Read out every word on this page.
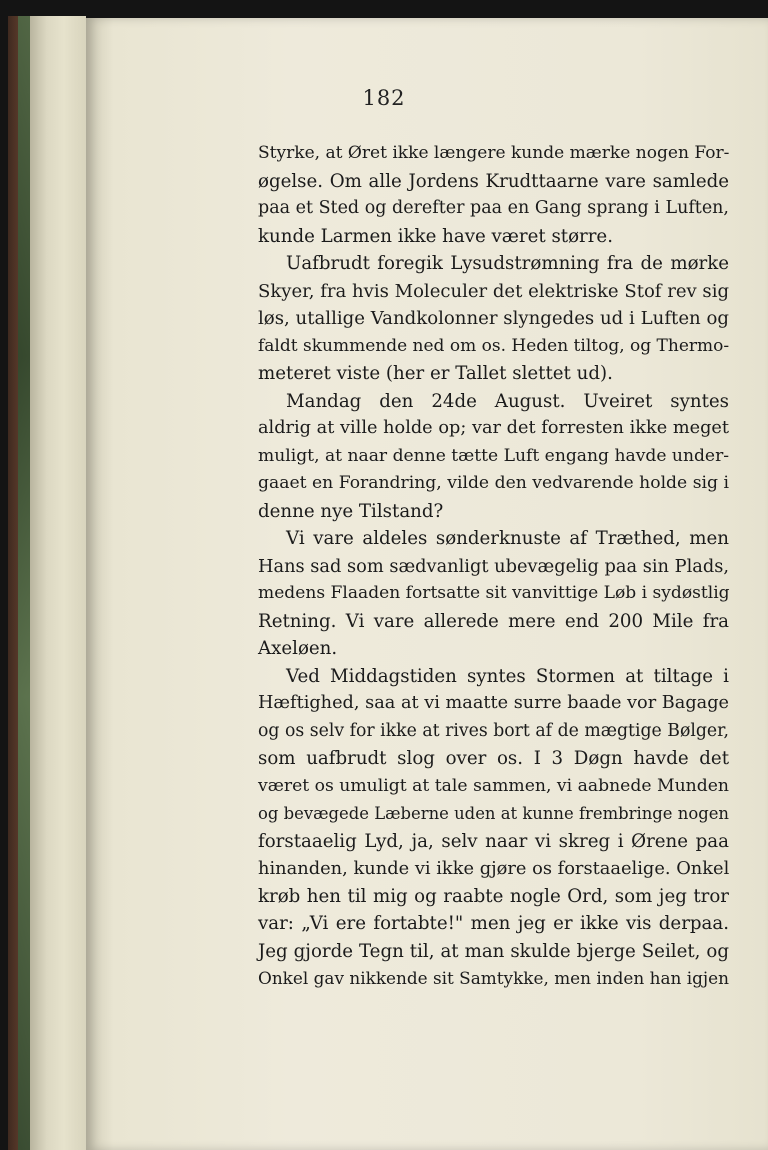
182
Styrke, at Øret ikke længere kunde mærke nogen For-
øgelse. Om alle Jordens Krudttaarne vare samlede
paa et Sted og derefter paa en Gang sprang i Luften,
kunde Larmen ikke have været større.
Uafbrudt foregik Lysudstrømning fra de mørke
Skyer, fra hvis Moleculer det elektriske Stof rev sig
løs, utallige Vandkolonner slyngedes ud i Luften og
faldt skummende ned om os. Heden tiltog, og Thermo-
meteret viste (her er Tallet slettet ud).
Mandag den 24de August. Uveiret syntes
aldrig at ville holde op; var det forresten ikke meget
muligt, at naar denne tætte Luft engang havde under-
gaaet en Forandring, vilde den vedvarende holde sig i
denne nye Tilstand?
Vi vare aldeles sønderknuste af Træthed, men
Hans sad som sædvanligt ubevægelig paa sin Plads,
medens Flaaden fortsatte sit vanvittige Løb i sydøstlig
Retning. Vi vare allerede mere end 200 Mile fra
Axeløen.
Ved Middagstiden syntes Stormen at tiltage i
Hæftighed, saa at vi maatte surre baade vor Bagage
og os selv for ikke at rives bort af de mægtige Bølger,
som uafbrudt slog over os. I 3 Døgn havde det
været os umuligt at tale sammen, vi aabnede Munden
og bevægede Læberne uden at kunne frembringe nogen
forstaaelig Lyd, ja, selv naar vi skreg i Ørene paa
hinanden, kunde vi ikke gjøre os forstaaelige. Onkel
krøb hen til mig og raabte nogle Ord, som jeg tror
var: „Vi ere fortabte!" men jeg er ikke vis derpaa.
Jeg gjorde Tegn til, at man skulde bjerge Seilet, og
Onkel gav nikkende sit Samtykke, men inden han igjen
